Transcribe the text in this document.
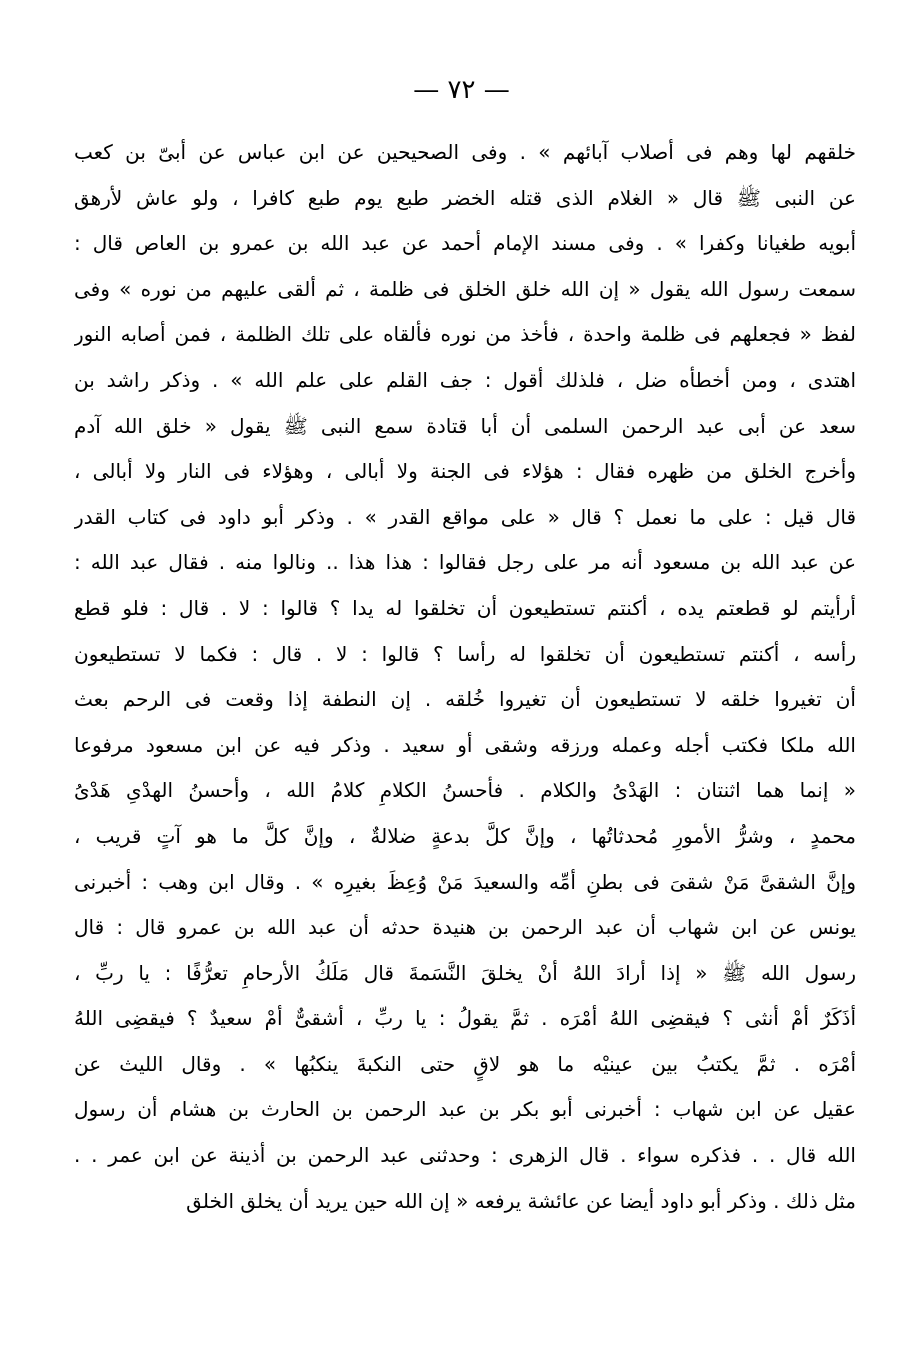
— ٧٢ —
خلقهم لها وهم فى أصلاب آبائهم » . وفى الصحيحين عن ابن عباس عن أبىّ بن كعب
عن النبى ﷺ قال « الغلام الذى قتله الخضر طبع يوم طبع كافرا ، ولو عاش لأرهق
أبويه طغيانا وكفرا » . وفى مسند الإمام أحمد عن عبد الله بن عمرو بن العاص قال :
سمعت رسول الله يقول « إن الله خلق الخلق فى ظلمة ، ثم ألقى عليهم من نوره » وفى
لفظ « فجعلهم فى ظلمة واحدة ، فأخذ من نوره فألقاه على تلك الظلمة ، فمن أصابه النور
اهتدى ، ومن أخطأه ضل ، فلذلك أقول : جف القلم على علم الله » . وذكر راشد بن
سعد عن أبى عبد الرحمن السلمى أن أبا قتادة سمع النبى ﷺ يقول « خلق الله آدم
وأخرج الخلق من ظهره فقال : هؤلاء فى الجنة ولا أبالى ، وهؤلاء فى النار ولا أبالى ،
قال قيل : على ما نعمل ؟ قال « على مواقع القدر » . وذكر أبو داود فى كتاب القدر
عن عبد الله بن مسعود أنه مر على رجل فقالوا : هذا هذا .. ونالوا منه . فقال عبد الله :
أرأيتم لو قطعتم يده ، أكنتم تستطيعون أن تخلقوا له يدا ؟ قالوا : لا . قال : فلو قطع
رأسه ، أكنتم تستطيعون أن تخلقوا له رأسا ؟ قالوا : لا . قال : فكما لا تستطيعون
أن تغيروا خلقه لا تستطيعون أن تغيروا خُلقه . إن النطفة إذا وقعت فى الرحم بعث
الله ملكا فكتب أجله وعمله ورزقه وشقى أو سعيد . وذكر فيه عن ابن مسعود مرفوعا
« إنما هما اثنتان : الهَدْىُ والكلام . فأحسنُ الكلامِ كلامُ الله ، وأحسنُ الهدْىِ هَدْىُ
محمدٍ ، وشرُّ الأمورِ مُحدثاتُها ، وإنَّ كلَّ بدعةٍ ضلالةٌ ، وإنَّ كلَّ ما هو آتٍ قريب ،
وإنَّ الشقىَّ مَنْ شقىَ فى بطنِ أمِّه والسعيدَ مَنْ وُعِظَ بغيرِه » . وقال ابن وهب : أخبرنى
يونس عن ابن شهاب أن عبد الرحمن بن هنيدة حدثه أن عبد الله بن عمرو قال : قال
رسول الله ﷺ « إذا أرادَ اللهُ أنْ يخلقَ النَّسَمةَ قال مَلَكُ الأرحامِ تعرُّفًا : يا ربِّ ،
أذَكَرٌ أمْ أنثى ؟ فيقضِى اللهُ أمْرَه . ثمَّ يقولُ : يا ربِّ ، أشقىٌّ أمْ سعيدٌ ؟ فيقضِى اللهُ
أمْرَه . ثمَّ يكتبُ بين عينيْه ما هو لاقٍ حتى النكبةَ ينكبُها » . وقال الليث عن
عقيل عن ابن شهاب : أخبرنى أبو بكر بن عبد الرحمن بن الحارث بن هشام أن رسول
الله قال . . فذكره سواء . قال الزهرى : وحدثنى عبد الرحمن بن أذينة عن ابن عمر . .
مثل ذلك . وذكر أبو داود أيضا عن عائشة يرفعه « إن الله حين يريد أن يخلق الخلق
